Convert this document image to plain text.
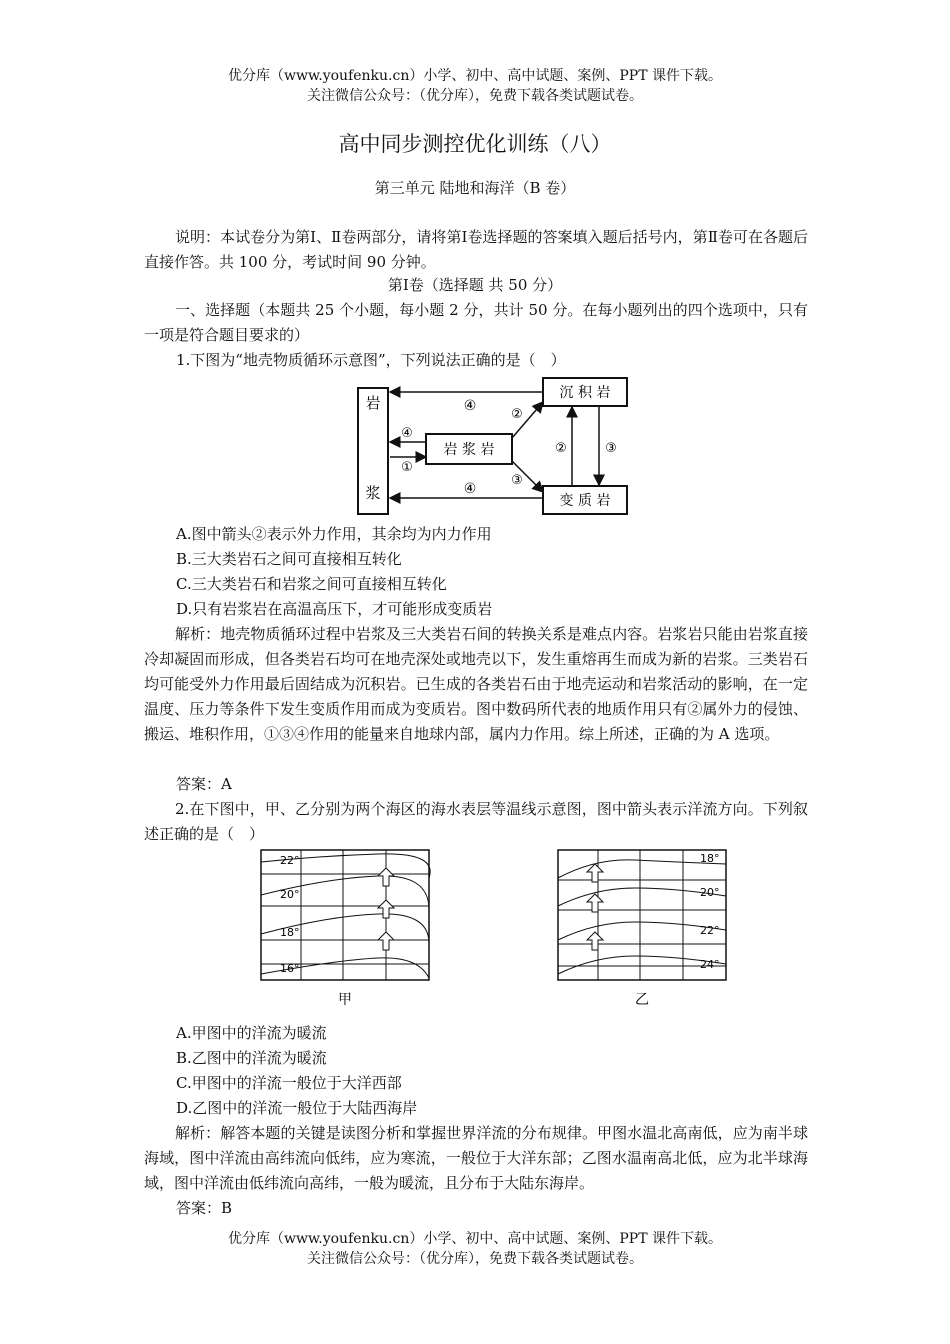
优分库（www.youfenku.cn）小学、初中、高中试题、案例、PPT 课件下载。
关注微信公众号：（优分库），免费下载各类试题试卷。
高中同步测控优化训练（八）
第三单元 陆地和海洋（B 卷）
说明：本试卷分为第Ⅰ、Ⅱ卷两部分，请将第Ⅰ卷选择题的答案填入题后括号内，第Ⅱ卷可在各题后直接作答。共 100 分，考试时间 90 分钟。
第Ⅰ卷（选择题 共 50 分）
一、选择题（本题共 25 个小题，每小题 2 分，共计 50 分。在每小题列出的四个选项中，只有一项是符合题目要求的）
1.下图为“地壳物质循环示意图”，下列说法正确的是（　）
岩
浆
岩 浆 岩
沉 积 岩
变 质 岩
④
④
④
①
②
③
②	③
A.图中箭头②表示外力作用，其余均为内力作用
B.三大类岩石之间可直接相互转化
C.三大类岩石和岩浆之间可直接相互转化
D.只有岩浆岩在高温高压下，才可能形成变质岩
解析：地壳物质循环过程中岩浆及三大类岩石间的转换关系是难点内容。岩浆岩只能由岩浆直接冷却凝固而形成，但各类岩石均可在地壳深处或地壳以下，发生重熔再生而成为新的岩浆。三类岩石均可能受外力作用最后固结成为沉积岩。已生成的各类岩石由于地壳运动和岩浆活动的影响，在一定温度、压力等条件下发生变质作用而成为变质岩。图中数码所代表的地质作用只有②属外力的侵蚀、搬运、堆积作用，①③④作用的能量来自地球内部，属内力作用。综上所述，正确的为 A 选项。
答案：A
2.在下图中，甲、乙分别为两个海区的海水表层等温线示意图，图中箭头表示洋流方向。下列叙述正确的是（　）
22°
20°
18°
16°
甲
18°
20°
22°
24°
乙
A.甲图中的洋流为暖流
B.乙图中的洋流为暖流
C.甲图中的洋流一般位于大洋西部
D.乙图中的洋流一般位于大陆西海岸
解析：解答本题的关键是读图分析和掌握世界洋流的分布规律。甲图水温北高南低，应为南半球海域，图中洋流由高纬流向低纬，应为寒流，一般位于大洋东部；乙图水温南高北低，应为北半球海域，图中洋流由低纬流向高纬，一般为暖流，且分布于大陆东海岸。
答案：B
优分库（www.youfenku.cn）小学、初中、高中试题、案例、PPT 课件下载。
关注微信公众号：（优分库），免费下载各类试题试卷。
